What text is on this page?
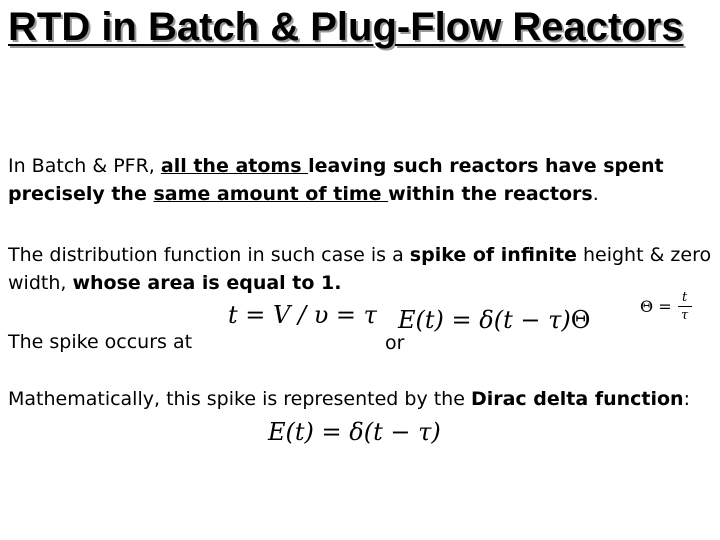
RTD in Batch & Plug-Flow Reactors

In Batch & PFR, all the atoms leaving such reactors have spent precisely the same amount of time within the reactors.

The distribution function in such case is a spike of infinite height & zero width, whose area is equal to 1.

The spike occurs at

t = V / υ = τ E(t) = δ(t − τ)Θ
or
Θ = t
τ

Mathematically, this spike is represented by the Dirac delta function:

E(t) = δ(t − τ)
